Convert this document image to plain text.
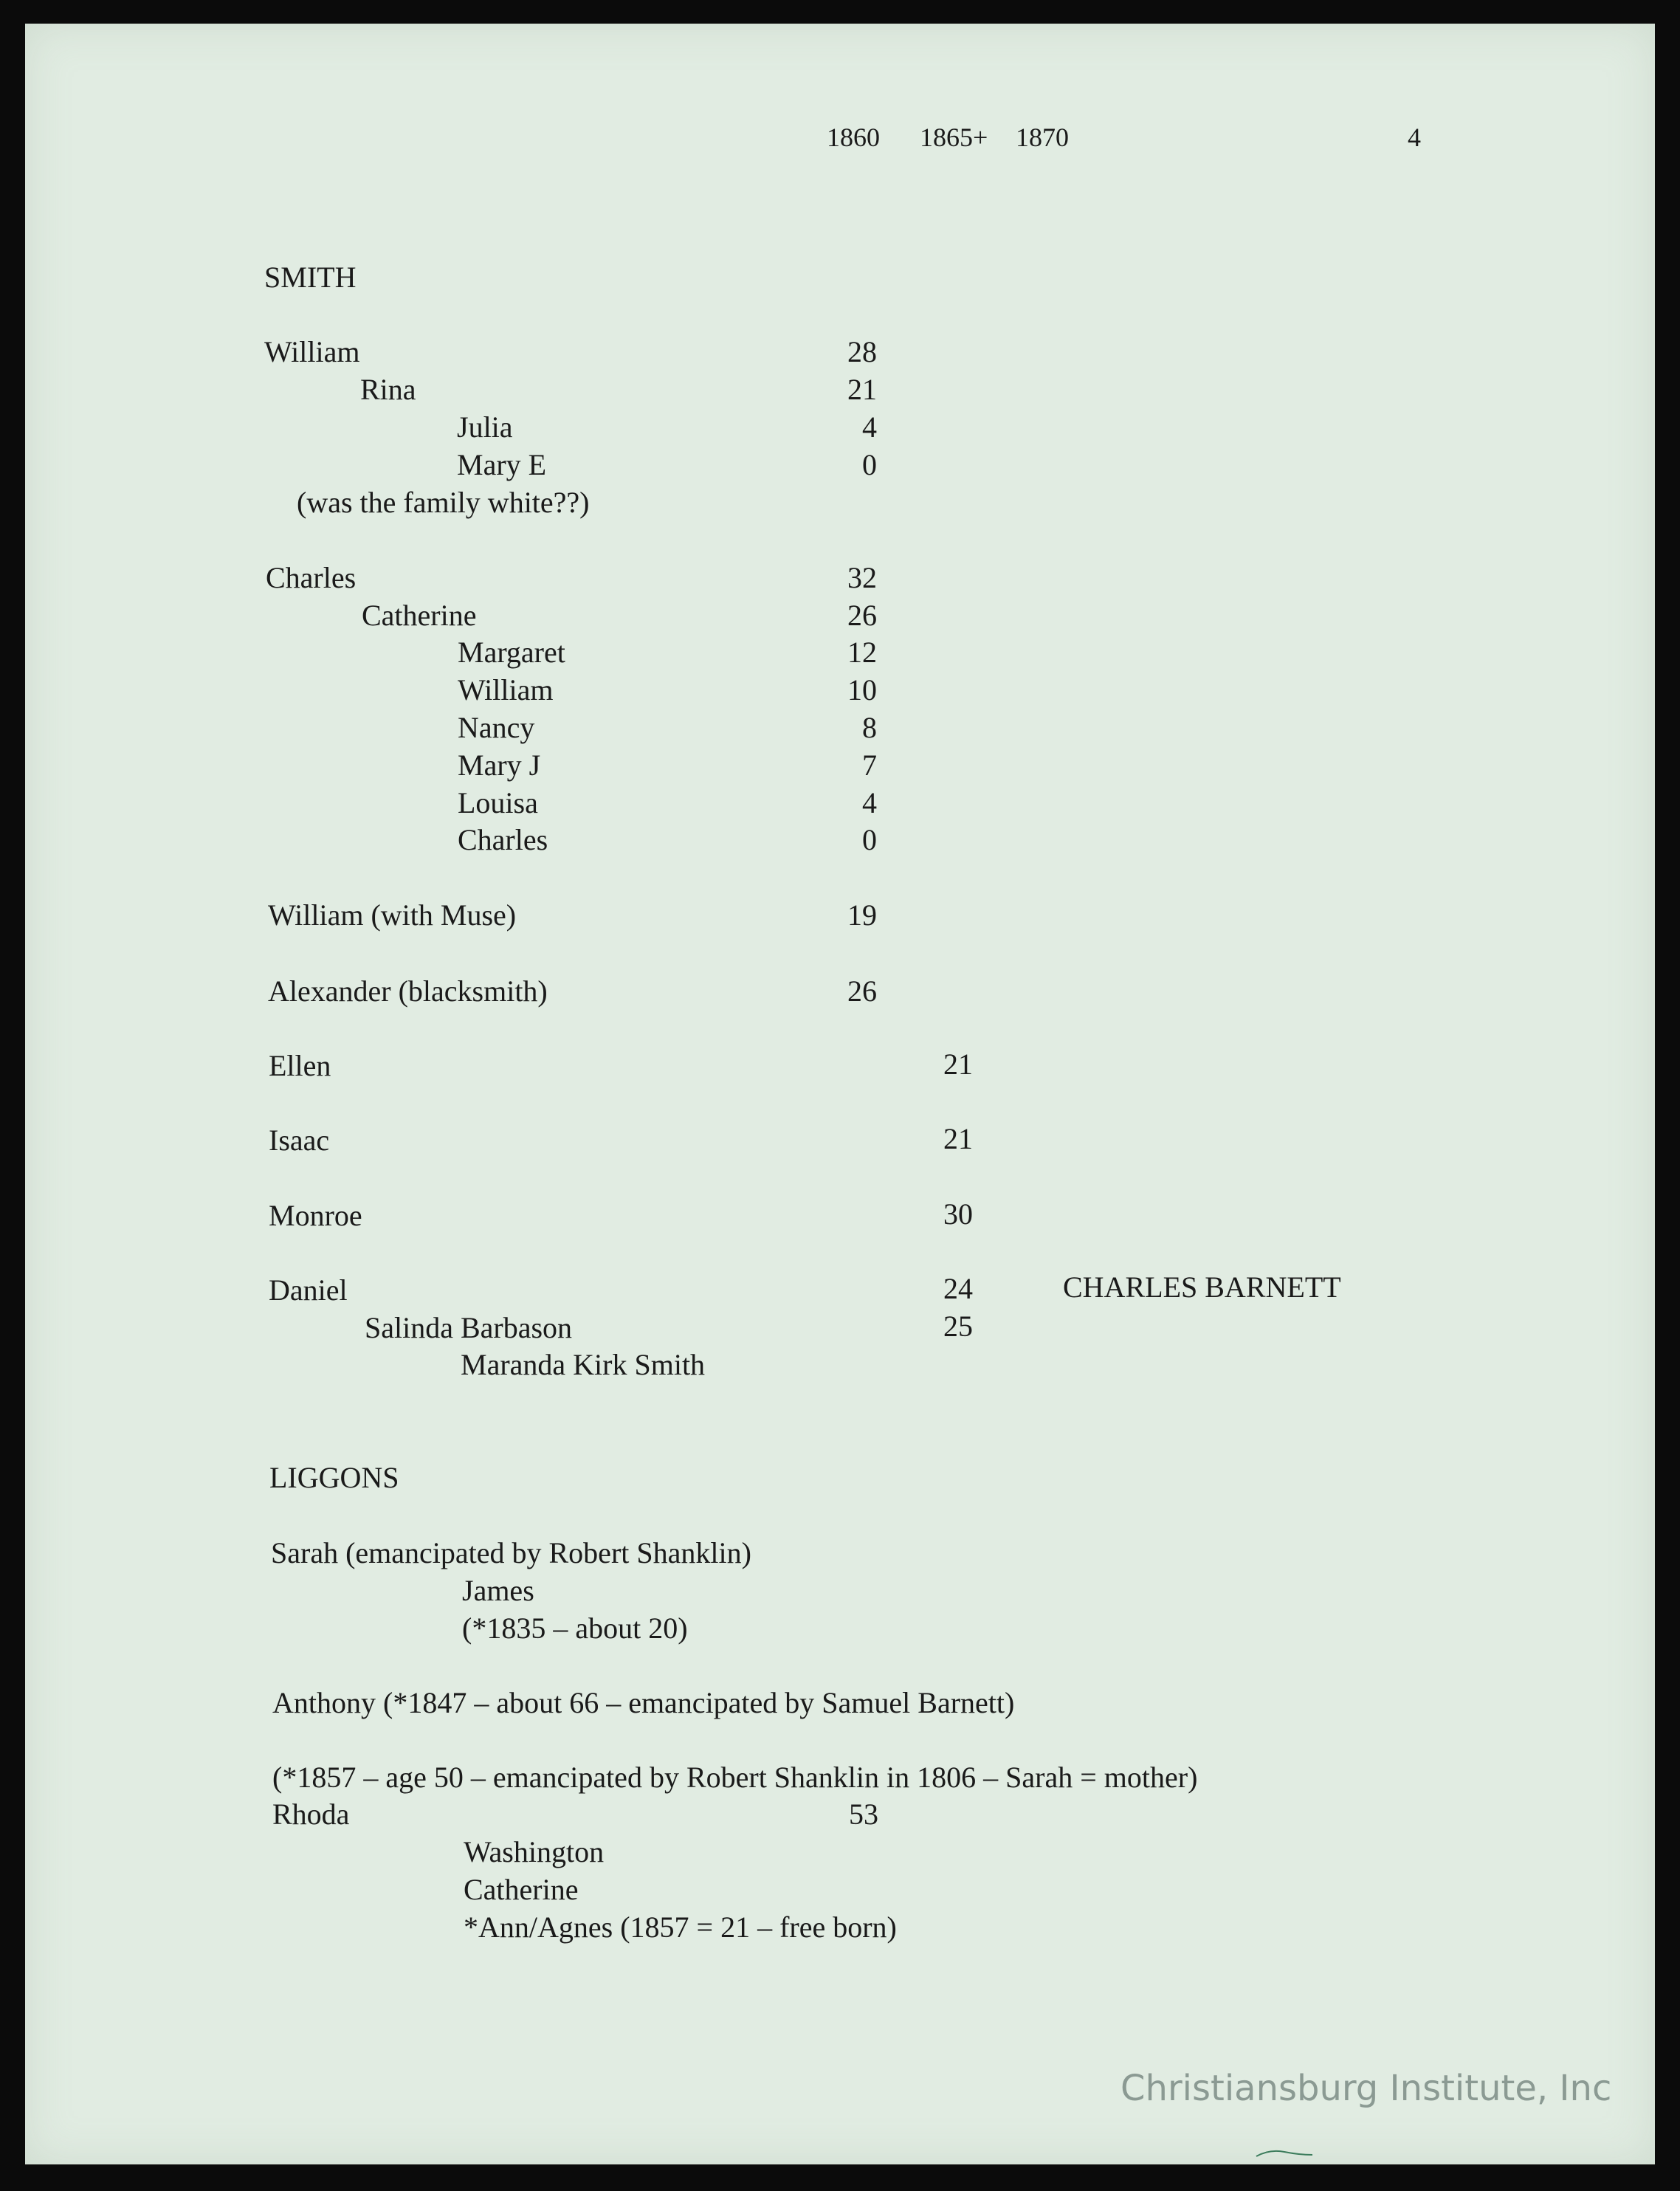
1860 1865+ 1870	4
SMITH
William	28
Rina	21
Julia	4
Mary E	0
(was the family white??)
Charles	32
Catherine	26
Margaret	12
William	10
Nancy	8
Mary J	7
Louisa	4
Charles	0
William (with Muse)	19
Alexander (blacksmith)	26
Ellen	21
Isaac	21
Monroe	30
Daniel	24	CHARLES BARNETT
Salinda Barbason	25
Maranda Kirk Smith
LIGGONS
Sarah (emancipated by Robert Shanklin)
James
(*1835 – about 20)
Anthony (*1847 – about 66 – emancipated by Samuel Barnett)
(*1857 – age 50 – emancipated by Robert Shanklin in 1806 – Sarah = mother)
Rhoda	53
Washington
Catherine
*Ann/Agnes (1857 = 21 – free born)
Christiansburg Institute, Inc
